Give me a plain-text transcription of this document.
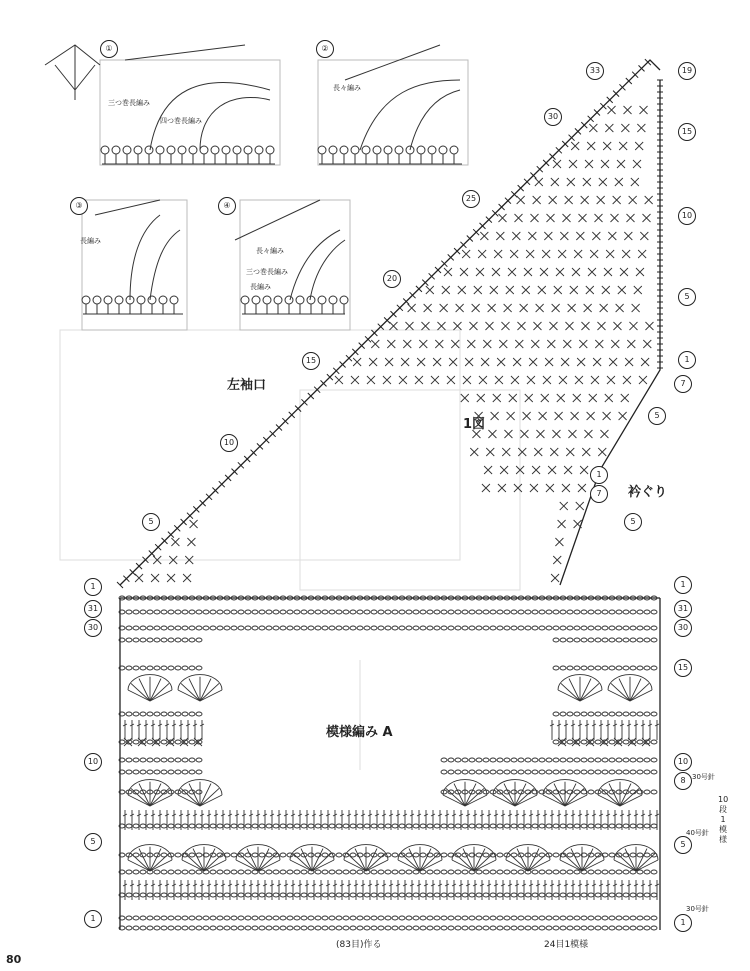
左袖口
1図
衿ぐり
模様編み A
①	②
③	④
三つ巻長編み
四つ巻長編み
長々編み
長編み
長々編み
三つ巻長編み
長編み
33
30
25
20
15
10
5
1
31
30
10
5
1
19
15
10
5
1
7
5
1
7
5
1
31
30
15
10
8
5
1
30号針
40号針
30号針
10段1模様
(83目)作る	24目1模様
80
